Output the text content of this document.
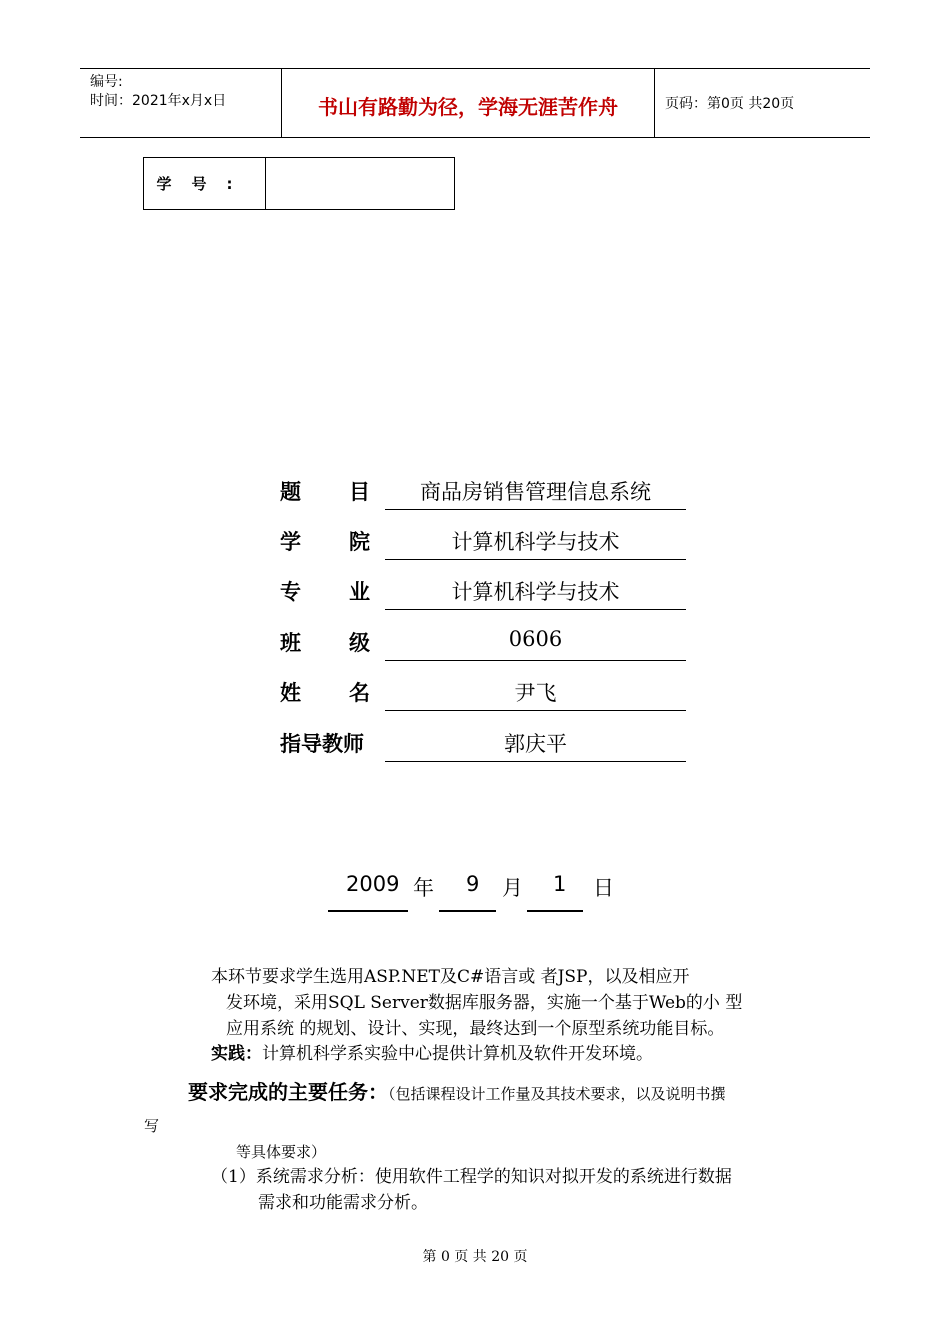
编号:
时间：2021年x月x日	书山有路勤为径，学海无涯苦作舟	页码：第0页 共20页
学号:
题 目	商品房销售管理信息系统
学 院	计算机科学与技术
专 业	计算机科学与技术
班 级	0606
姓 名	尹飞
指导教师	郭庆平
2009 年 9 月 1 日
本环节要求学生选用ASP.NET及C#语言或 者JSP，以及相应开
发环境，采用SQL Server数据库服务器，实施一个基于Web的小 型
应用系统 的规划、设计、实现，最终达到一个原型系统功能目标。
实践：计算机科学系实验中心提供计算机及软件开发环境。
要求完成的主要任务：（包括课程设计工作量及其技术要求，以及说明书撰
写
等具体要求）
（1）系统需求分析：使用软件工程学的知识对拟开发的系统进行数据
需求和功能需求分析。
第 0 页 共 20 页
